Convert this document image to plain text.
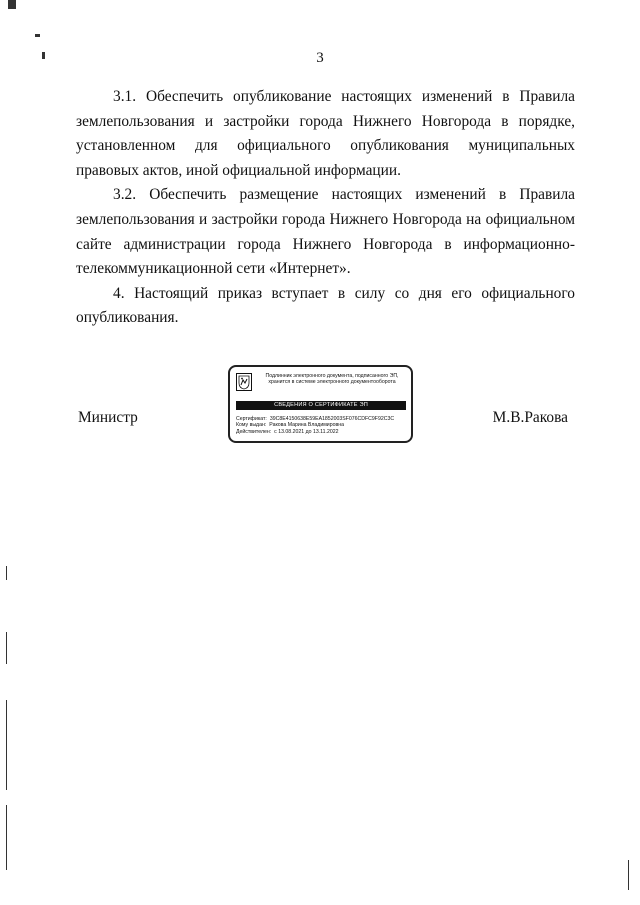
3

3.1. Обеспечить опубликование настоящих изменений в Правила землепользования и застройки города Нижнего Новгорода в порядке, установленном для официального опубликования муниципальных правовых актов, иной официальной информации.

3.2. Обеспечить размещение настоящих изменений в Правила землепользования и застройки города Нижнего Новгорода на официальном сайте администрации города Нижнего Новгорода в информационно-телекоммуникационной сети «Интернет».

4. Настоящий приказ вступает в силу со дня его официального опубликования.

Министр	М.В.Ракова
Подлинник электронного документа, подписанного ЭП,
хранится в системе электронного документооборота
СВЕДЕНИЯ О СЕРТИФИКАТЕ ЭП
Сертификат: 39C8E4150638E59EA1852003SF076CDFC9F92C3C
Кому выдан: Ракова Марина Владимировна
Действителен: с 13.08.2021 до 13.11.2022
